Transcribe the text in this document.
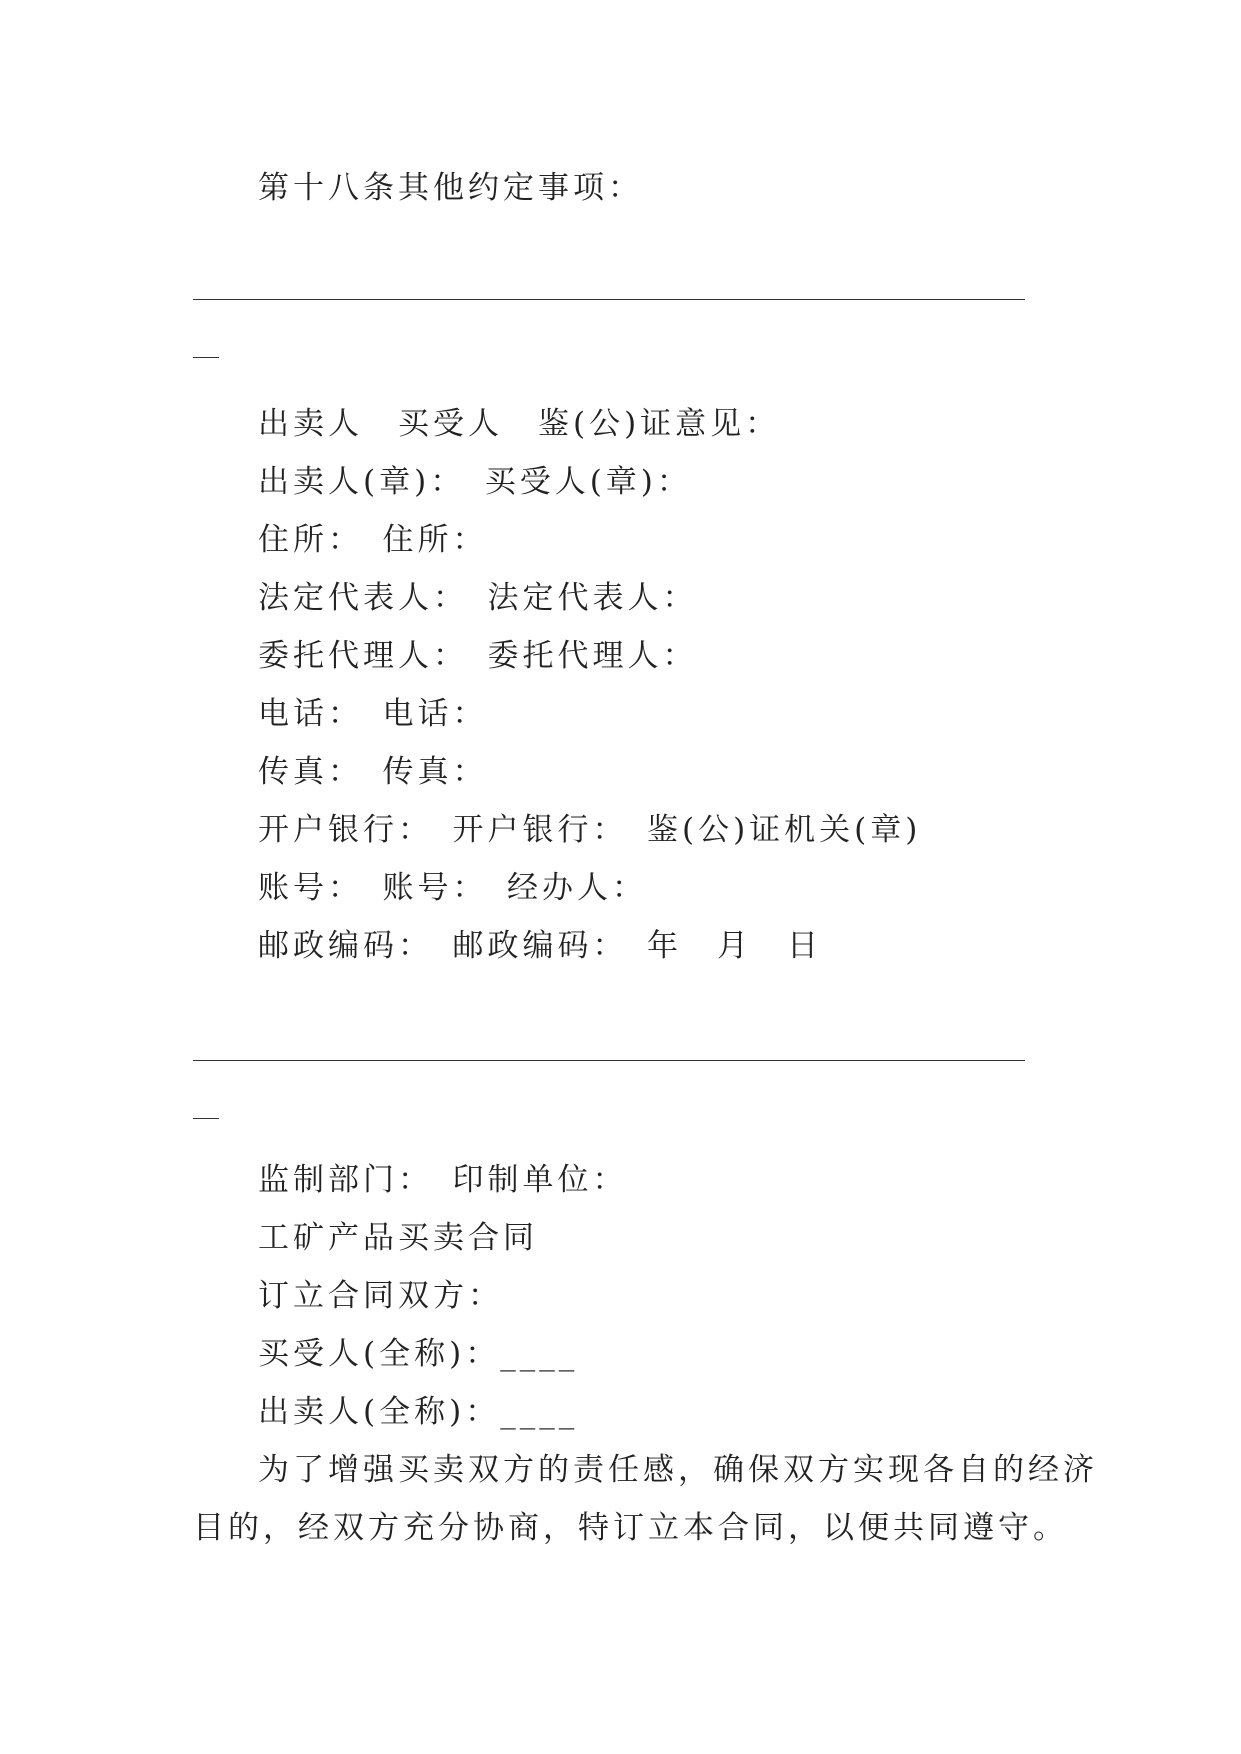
第十八条其他约定事项：
出卖人　买受人　鉴(公)证意见：
出卖人(章)：　买受人(章)：
住所：　住所：
法定代表人：　法定代表人：
委托代理人：　委托代理人：
电话：　电话：
传真：　传真：
开户银行：　开户银行：　鉴(公)证机关(章)
账号：　账号：　经办人：
邮政编码：　邮政编码：　年　月　日
监制部门：　印制单位：
工矿产品买卖合同
订立合同双方：
买受人(全称)：____
出卖人(全称)：____
为了增强买卖双方的责任感，确保双方实现各自的经济
目的，经双方充分协商，特订立本合同，以便共同遵守。
